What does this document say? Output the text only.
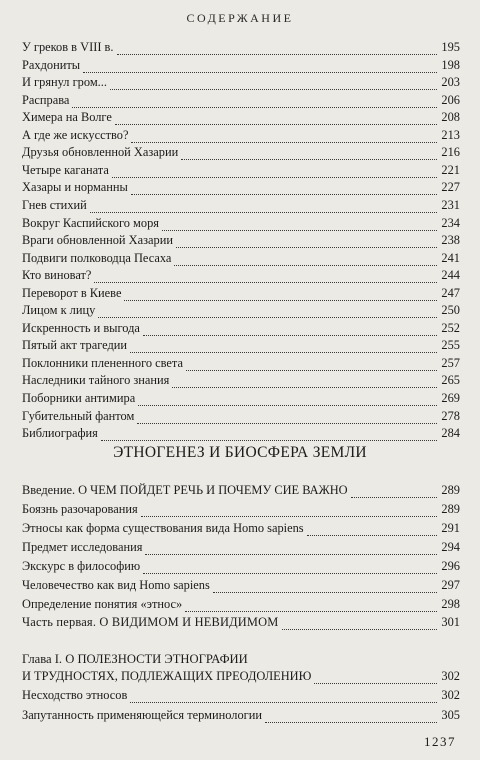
СОДЕРЖАНИЕ
У греков в VIII в.	195
Рахдониты	198
И грянул гром...	203
Расправа	206
Химера на Волге	208
А где же искусство?	213
Друзья обновленной Хазарии	216
Четыре каганата	221
Хазары и норманны	227
Гнев стихий	231
Вокруг Каспийского моря	234
Враги обновленной Хазарии	238
Подвиги полководца Песаха	241
Кто виноват?	244
Переворот в Киеве	247
Лицом к лицу	250
Искренность и выгода	252
Пятый акт трагедии	255
Поклонники плененного света	257
Наследники тайного знания	265
Поборники антимира	269
Губительный фантом	278
Библиография	284
ЭТНОГЕНЕЗ И БИОСФЕРА ЗЕМЛИ
Введение. О ЧЕМ ПОЙДЕТ РЕЧЬ И ПОЧЕМУ СИЕ ВАЖНО	289
Боязнь разочарования	289
Этносы как форма существования вида Homo sapiens	291
Предмет исследования	294
Экскурс в философию	296
Человечество как вид Homo sapiens	297
Определение понятия «этнос»	298
Часть первая. О ВИДИМОМ И НЕВИДИМОМ	301
Глава I. О ПОЛЕЗНОСТИ ЭТНОГРАФИИ
И ТРУДНОСТЯХ, ПОДЛЕЖАЩИХ ПРЕОДОЛЕНИЮ	302
Несходство этносов	302
Запутанность применяющейся терминологии	305
1237
